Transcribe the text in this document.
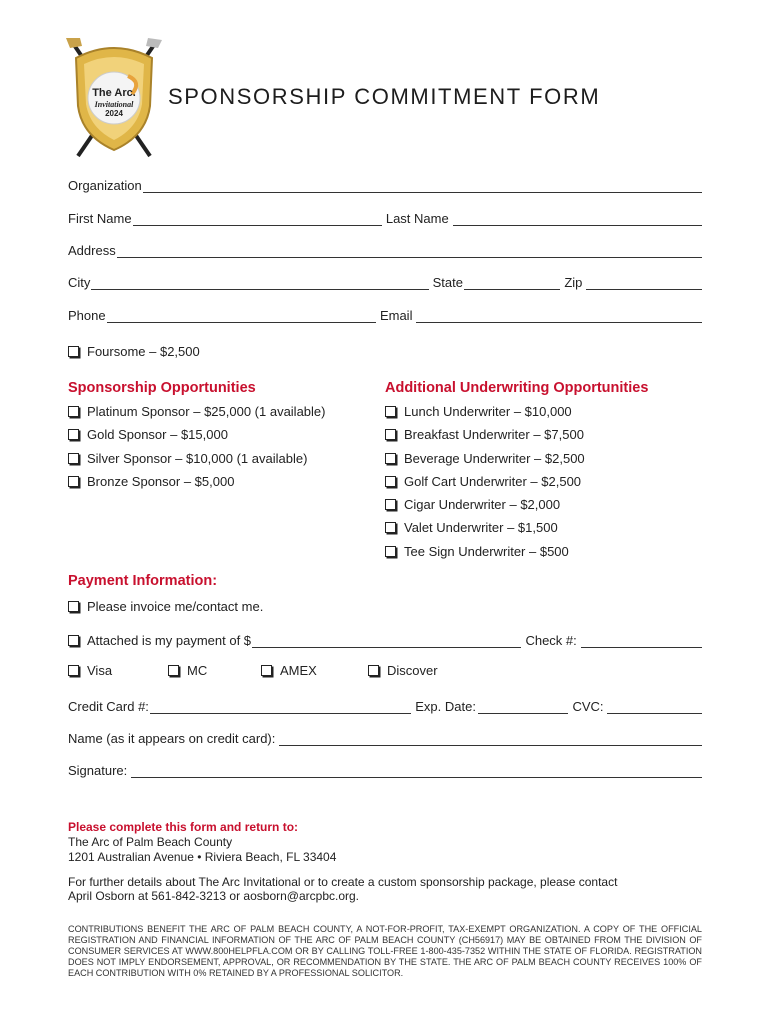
The Arc.
Invitational
2024
SPONSORSHIP COMMITMENT FORM
Organization
First Name	Last Name
Address
City	State	Zip
Phone	Email
Foursome – $2,500
Sponsorship Opportunities
Platinum Sponsor – $25,000 (1 available)
Gold Sponsor – $15,000
Silver Sponsor – $10,000 (1 available)
Bronze Sponsor – $5,000
Additional Underwriting Opportunities
Lunch Underwriter – $10,000
Breakfast Underwriter – $7,500
Beverage Underwriter – $2,500
Golf Cart Underwriter – $2,500
Cigar Underwriter – $2,000
Valet Underwriter – $1,500
Tee Sign Underwriter – $500
Payment Information:
Please invoice me/contact me.
Attached is my payment of $	Check #:
Visa	MC	AMEX	Discover
Credit Card #:	Exp. Date:	CVC:
Name (as it appears on credit card):
Signature:
Please complete this form and return to:
The Arc of Palm Beach County
1201 Australian Avenue • Riviera Beach, FL 33404
For further details about The Arc Invitational or to create a custom sponsorship package, please contact
April Osborn at 561-842-3213 or aosborn@arcpbc.org.
CONTRIBUTIONS BENEFIT THE ARC OF PALM BEACH COUNTY, A NOT-FOR-PROFIT, TAX-EXEMPT ORGANIZATION. A COPY OF THE OFFICIAL REGISTRATION AND FINANCIAL INFORMATION OF THE ARC OF PALM BEACH COUNTY (CH56917) MAY BE OBTAINED FROM THE DIVISION OF CONSUMER SERVICES AT WWW.800HELPFLA.COM OR BY CALLING TOLL-FREE 1-800-435-7352 WITHIN THE STATE OF FLORIDA. REGISTRATION DOES NOT IMPLY ENDORSEMENT, APPROVAL, OR RECOMMENDATION BY THE STATE. THE ARC OF PALM BEACH COUNTY RECEIVES 100% OF EACH CONTRIBUTION WITH 0% RETAINED BY A PROFESSIONAL SOLICITOR.
